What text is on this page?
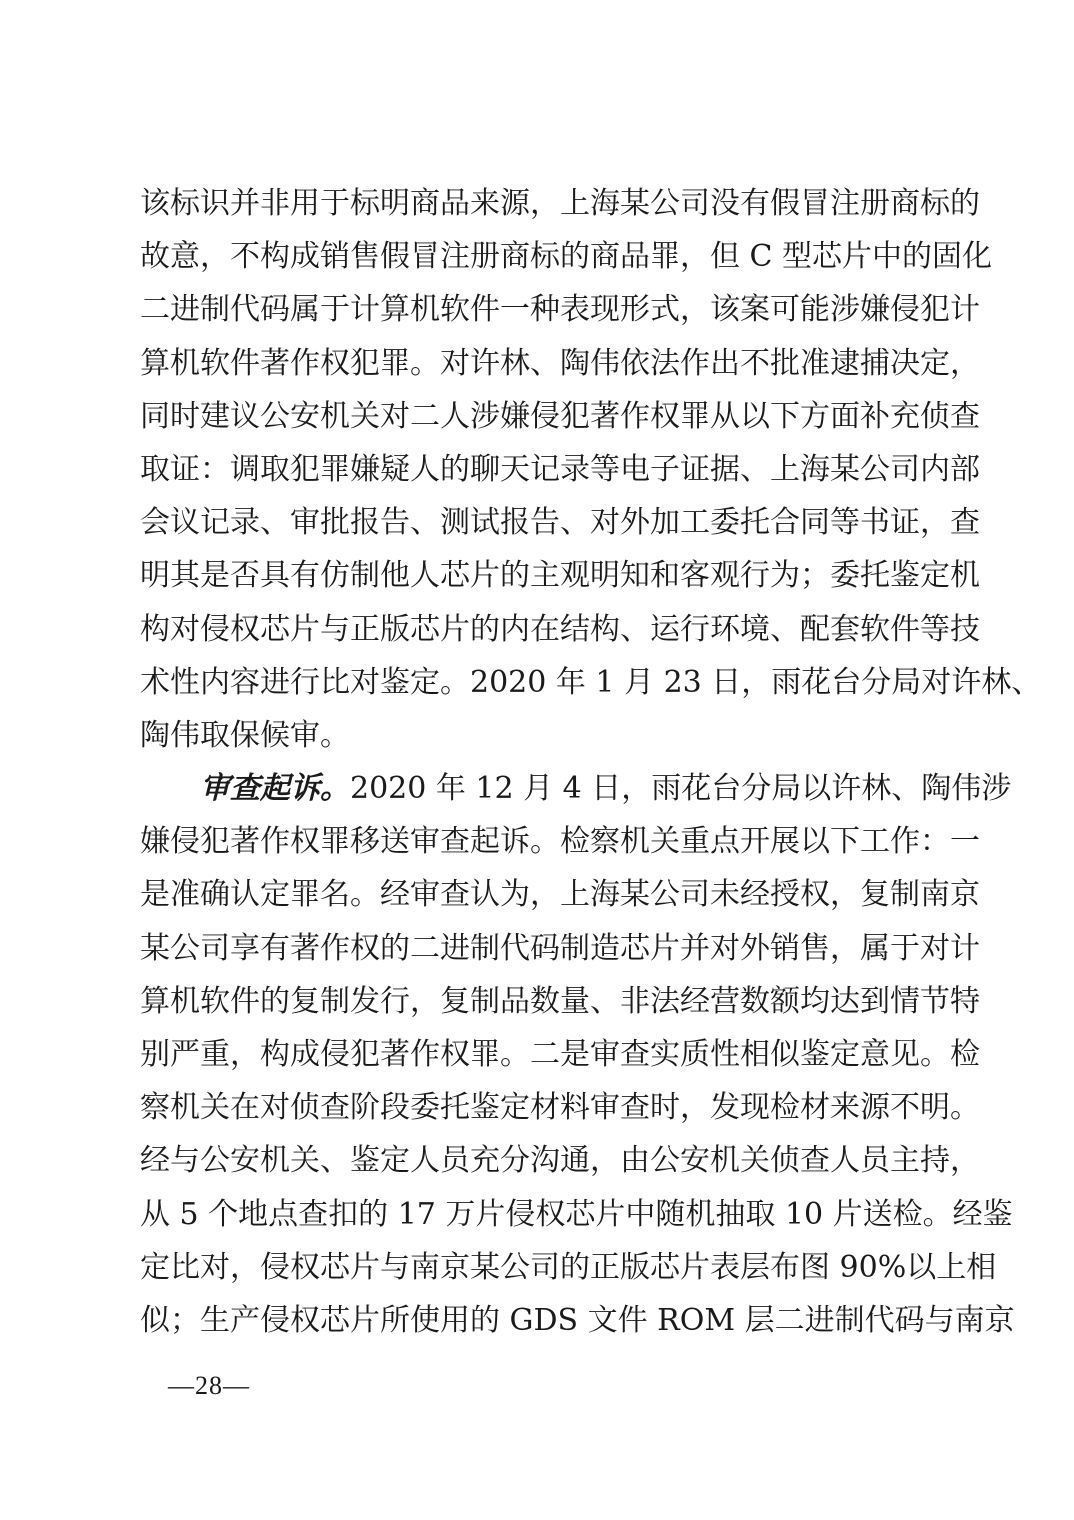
该标识并非用于标明商品来源，上海某公司没有假冒注册商标的
故意，不构成销售假冒注册商标的商品罪，但 C 型芯片中的固化
二进制代码属于计算机软件一种表现形式，该案可能涉嫌侵犯计
算机软件著作权犯罪。对许林、陶伟依法作出不批准逮捕决定，
同时建议公安机关对二人涉嫌侵犯著作权罪从以下方面补充侦查
取证：调取犯罪嫌疑人的聊天记录等电子证据、上海某公司内部
会议记录、审批报告、测试报告、对外加工委托合同等书证，查
明其是否具有仿制他人芯片的主观明知和客观行为；委托鉴定机
构对侵权芯片与正版芯片的内在结构、运行环境、配套软件等技
术性内容进行比对鉴定。2020 年 1 月 23 日，雨花台分局对许林、
陶伟取保候审。
审查起诉。2020 年 12 月 4 日，雨花台分局以许林、陶伟涉
嫌侵犯著作权罪移送审查起诉。检察机关重点开展以下工作：一
是准确认定罪名。经审查认为，上海某公司未经授权，复制南京
某公司享有著作权的二进制代码制造芯片并对外销售，属于对计
算机软件的复制发行，复制品数量、非法经营数额均达到情节特
别严重，构成侵犯著作权罪。二是审查实质性相似鉴定意见。检
察机关在对侦查阶段委托鉴定材料审查时，发现检材来源不明。
经与公安机关、鉴定人员充分沟通，由公安机关侦查人员主持，
从 5 个地点查扣的 17 万片侵权芯片中随机抽取 10 片送检。经鉴
定比对，侵权芯片与南京某公司的正版芯片表层布图 90%以上相
似；生产侵权芯片所使用的 GDS 文件 ROM 层二进制代码与南京
—28—
